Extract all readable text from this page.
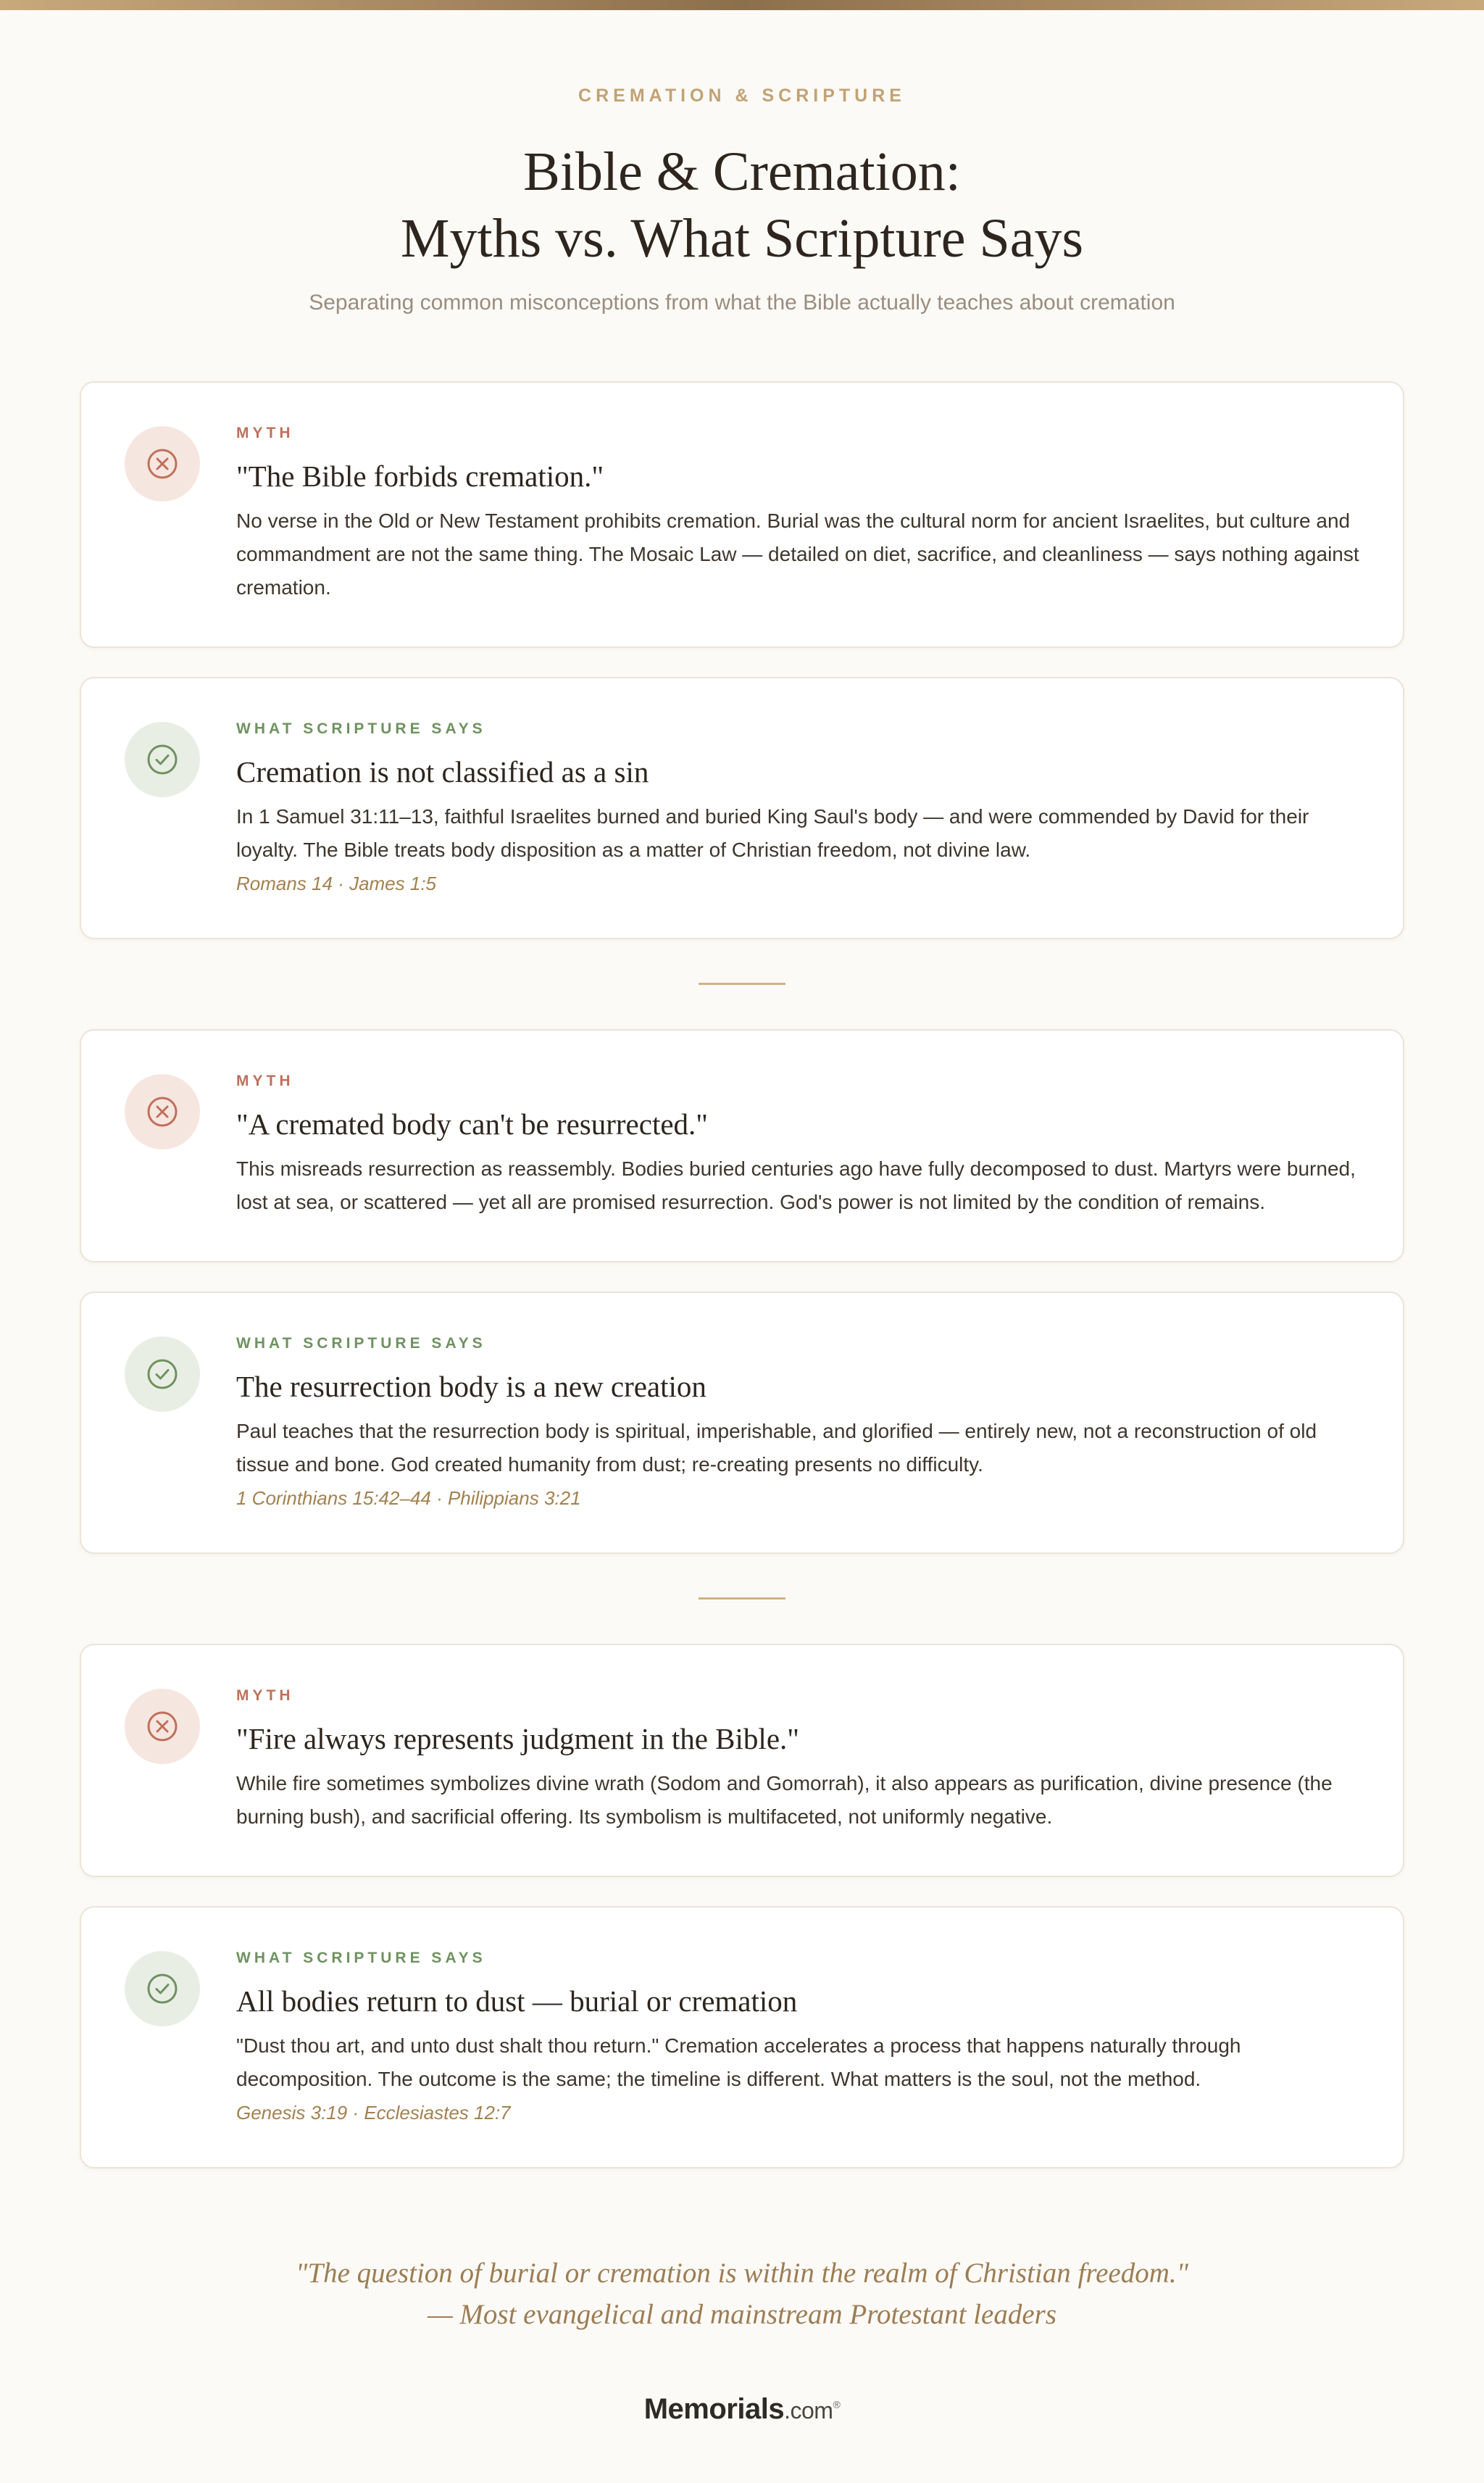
CREMATION & SCRIPTURE
Bible & Cremation:
Myths vs. What Scripture Says
Separating common misconceptions from what the Bible actually teaches about cremation
MYTH
"The Bible forbids cremation."
No verse in the Old or New Testament prohibits cremation. Burial was the cultural norm for ancient Israelites, but culture and commandment are not the same thing. The Mosaic Law — detailed on diet, sacrifice, and cleanliness — says nothing against cremation.
WHAT SCRIPTURE SAYS
Cremation is not classified as a sin
In 1 Samuel 31:11–13, faithful Israelites burned and buried King Saul's body — and were commended by David for their loyalty. The Bible treats body disposition as a matter of Christian freedom, not divine law.
Romans 14 · James 1:5
MYTH
"A cremated body can't be resurrected."
This misreads resurrection as reassembly. Bodies buried centuries ago have fully decomposed to dust. Martyrs were burned, lost at sea, or scattered — yet all are promised resurrection. God's power is not limited by the condition of remains.
WHAT SCRIPTURE SAYS
The resurrection body is a new creation
Paul teaches that the resurrection body is spiritual, imperishable, and glorified — entirely new, not a reconstruction of old tissue and bone. God created humanity from dust; re-creating presents no difficulty.
1 Corinthians 15:42–44 · Philippians 3:21
MYTH
"Fire always represents judgment in the Bible."
While fire sometimes symbolizes divine wrath (Sodom and Gomorrah), it also appears as purification, divine presence (the burning bush), and sacrificial offering. Its symbolism is multifaceted, not uniformly negative.
WHAT SCRIPTURE SAYS
All bodies return to dust — burial or cremation
"Dust thou art, and unto dust shalt thou return." Cremation accelerates a process that happens naturally through decomposition. The outcome is the same; the timeline is different. What matters is the soul, not the method.
Genesis 3:19 · Ecclesiastes 12:7
"The question of burial or cremation is within the realm of Christian freedom."
— Most evangelical and mainstream Protestant leaders
Memorials.com®
